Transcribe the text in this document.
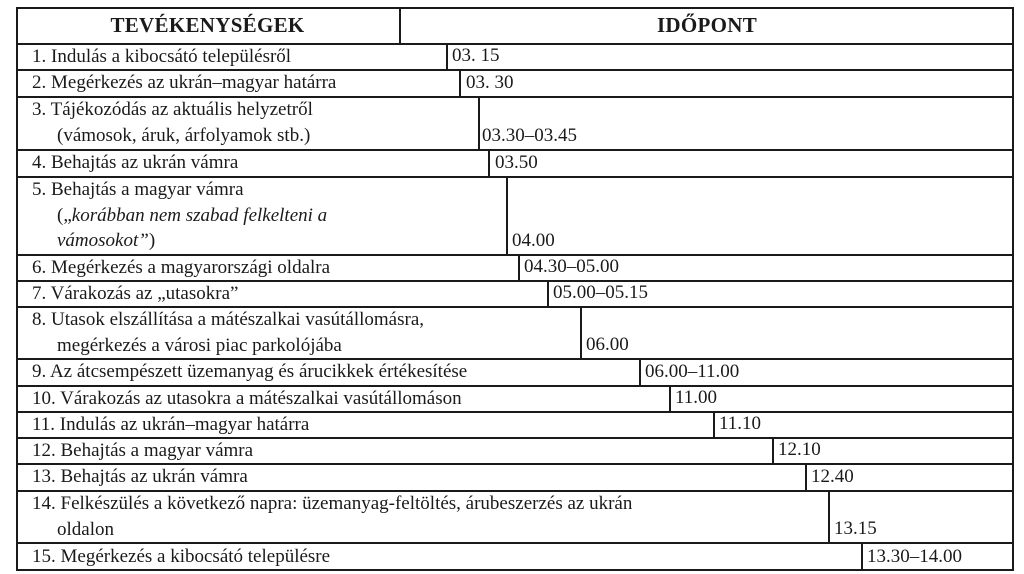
TEVÉKENYSÉGEK	IDŐPONT
1. Indulás a kibocsátó településről	03. 15
2. Megérkezés az ukrán–magyar határra	03. 30
3. Tájékozódás az aktuális helyzetről
(vámosok, áruk, árfolyamok stb.)	03.30–03.45
4. Behajtás az ukrán vámra	03.50
5. Behajtás a magyar vámra
(„korábban nem szabad felkelteni a
vámosokot”)	04.00
6. Megérkezés a magyarországi oldalra	04.30–05.00
7. Várakozás az „utasokra”	05.00–05.15
8. Utasok elszállítása a mátészalkai vasútállomásra,
megérkezés a városi piac parkolójába	06.00
9. Az átcsempészett üzemanyag és árucikkek értékesítése	06.00–11.00
10. Várakozás az utasokra a mátészalkai vasútállomáson	11.00
11. Indulás az ukrán–magyar határra	11.10
12. Behajtás a magyar vámra	12.10
13. Behajtás az ukrán vámra	12.40
14. Felkészülés a következő napra: üzemanyag-feltöltés, árubeszerzés az ukrán
oldalon	13.15
15. Megérkezés a kibocsátó településre	13.30–14.00
